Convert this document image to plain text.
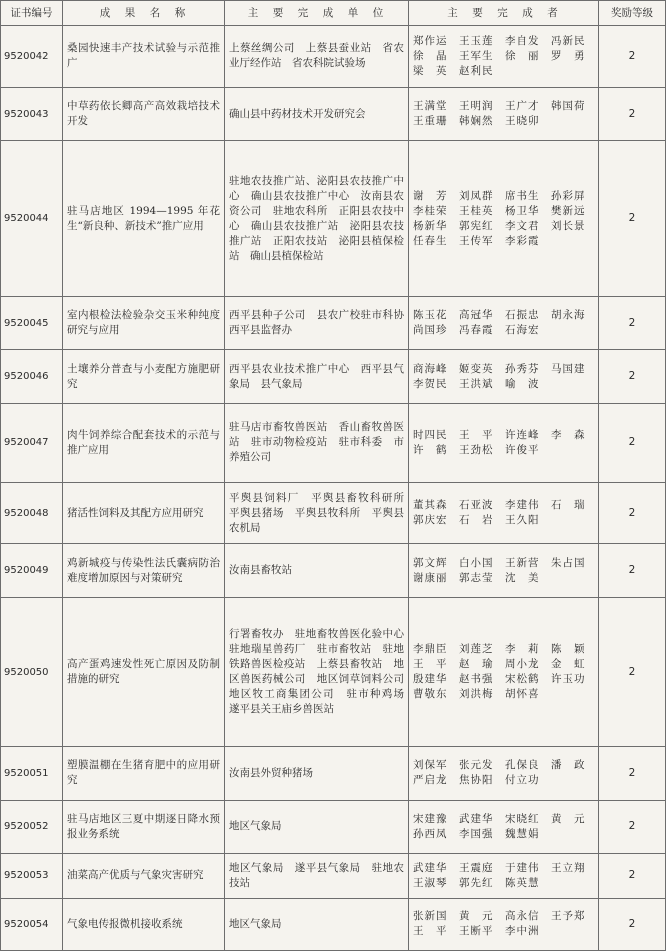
证书编号	成　果　名　称	主　要　完　成　单　位	主　要　完　成　者	奖励等级
9520042	桑园快速丰产技术试验与示范推广	上蔡丝绸公司　上蔡县蚕业站　省农业厅经作站　省农科院试验场	郑作运　王玉莲　李自发　冯新民
徐　晶　王军生　徐　丽　罗　勇
梁　英　赵利民	2
9520043	中草药依长卿高产高效栽培技术开发	确山县中药材技术开发研究会	王满堂　王明润　王广才　韩国荷
王重珊　韩娴然　王晓卯	2
9520044	驻马店地区 1994—1995 年花生“新良种、新技术”推广应用	驻地农技推广站、泌阳县农技推广中心　确山县农技推广中心　汝南县农资公司　驻地农科所　正阳县农技中心　确山县农技推广站　泌阳县农技推广站　正阳农技站　泌阳县植保检站　确山县植保检站	谢　芳　刘凤群　席书生　孙彩屏
李桂荣　王桂英　杨卫华　樊新远
杨新华　郭宪红　李文君　刘长景
任春生　王传军　李彩霞	2
9520045	室内根检法检验杂交玉米种纯度研究与应用	西平县种子公司　县农广校驻市科协　西平县监督办	陈玉花　高冠华　石振忠　胡永海
尚国珍　冯春霞　石海宏	2
9520046	土壤养分普查与小麦配方施肥研究	西平县农业技术推广中心　西平县气象局　县气象局	商海峰　姬变英　孙秀芬　马国建
李贺民　王洪斌　喻　波	2
9520047	肉牛饲养综合配套技术的示范与推广应用	驻马店市畜牧兽医站　香山畜牧兽医站　驻市动物检疫站　驻市科委　市养殖公司	时四民　王　平　许连峰　李　森
许　鹤　王劲松　许俊平	2
9520048	猪活性饲料及其配方应用研究	平舆县饲料厂　平舆县畜牧科研所　平舆县猪场　平舆县牧科所　平舆县农机局	董其森　石亚波　李建伟　石　瑞
郭庆宏　石　岩　王久阳	2
9520049	鸡新城疫与传染性法氏囊病防治难度增加原因与对策研究	汝南县畜牧站	郭文辉　白小国　王新营　朱占国
谢康丽　郭志莹　沈　美	2
9520050	高产蛋鸡速发性死亡原因及防制措施的研究	行署畜牧办　驻地畜牧兽医化验中心　驻地瑞星兽药厂　驻市畜牧站　驻地铁路兽医检疫站　上蔡县畜牧站　地区兽医药械公司　地区饲草饲料公司　地区牧工商集团公司　驻市种鸡场　遂平县关王庙乡兽医站	李鼎臣　刘莲芝　李　莉　陈　颖
王　平　赵　瑜　周小龙　金　虹
殷建华　赵书强　宋松鹤　许玉功
曹敬东　刘洪梅　胡怀喜	2
9520051	塑膜温棚在生猪育肥中的应用研究	汝南县外贸种猪场	刘保军　张元发　孔保良　潘　政
严启龙　焦协阳　付立功	2
9520052	驻马店地区三夏中期逐日降水预报业务系统	地区气象局	宋建豫　武建华　宋晓红　黄　元
孙西凤　李国强　魏慧娟	2
9520053	油菜高产优质与气象灾害研究	地区气象局　遂平县气象局　驻地农技站	武建华　王震庭　于建伟　王立翔
王淑琴　郭先红　陈英慧	2
9520054	气象电传报微机接收系统	地区气象局	张新国　黄　元　高永信　王予郑
王　平　王断平　李中洲	2
